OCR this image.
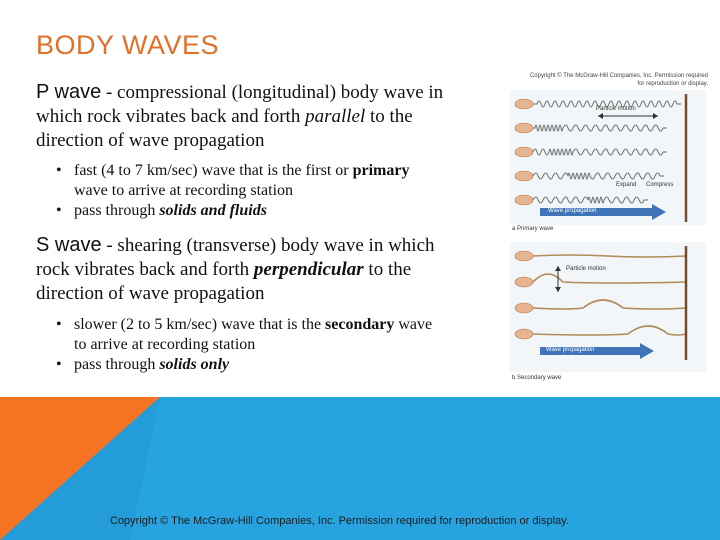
BODY WAVES
P wave - compressional (longitudinal) body wave in
which rock vibrates back and forth parallel to the
direction of wave propagation
• fast (4 to 7 km/sec) wave that is the first or primary
wave to arrive at recording station
• pass through solids and fluids
S wave - shearing (transverse) body wave in which
rock vibrates back and forth perpendicular to the
direction of wave propagation
• slower (2 to 5 km/sec) wave that is the secondary wave
to arrive at recording station
• pass through solids only
Copyright © The McGraw-Hill Companies, Inc. Permission required for reproduction or display.
Particle motion
Expand Compress
Wave propagation
a Primary wave
Particle motion
Wave propagation
b Secondary wave
Copyright © The McGraw-Hill Companies, Inc. Permission required for reproduction or display.
